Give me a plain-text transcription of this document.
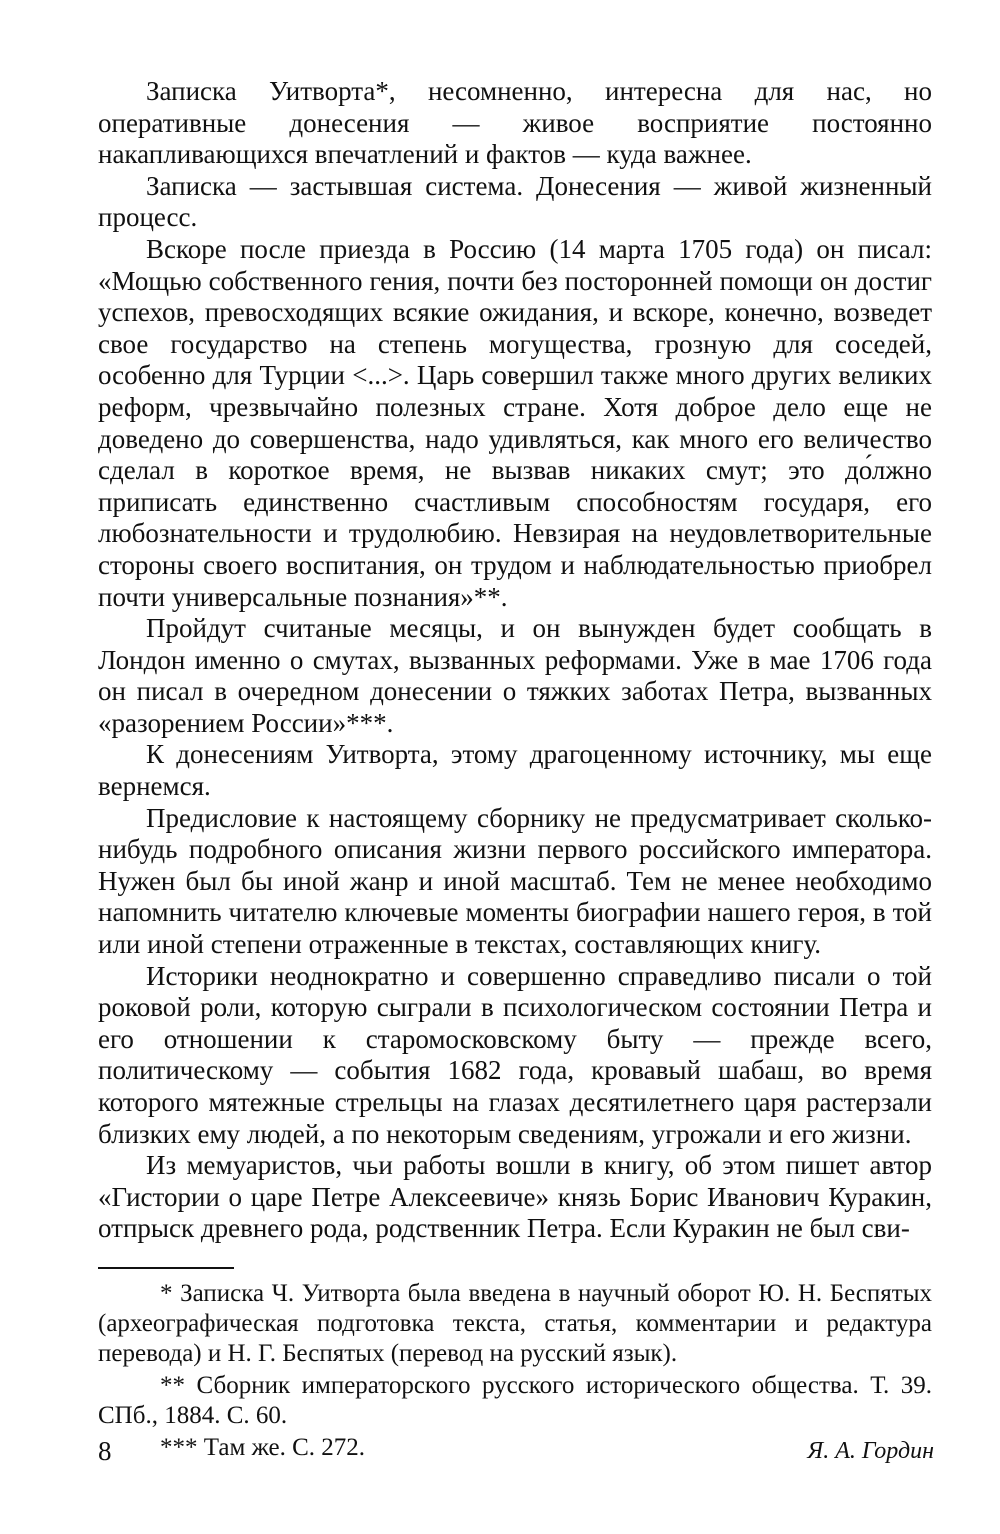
Записка Уитворта*, несомненно, интересна для нас, но оперативные донесения — живое восприятие постоянно накапливающихся впечатлений и фактов — куда важнее.

Записка — застывшая система. Донесения — живой жизненный процесс.

Вскоре после приезда в Россию (14 марта 1705 года) он писал: «Мощью собственного гения, почти без посторонней помощи он достиг успехов, превосходящих всякие ожидания, и вскоре, конечно, возведет свое государство на степень могущества, грозную для соседей, особенно для Турции <...>. Царь совершил также много других великих реформ, чрезвычайно полезных стране. Хотя доброе дело еще не доведено до совершенства, надо удивляться, как много его величество сделал в короткое время, не вызвав никаких смут; это до́лжно приписать единственно счастливым способностям государя, его любознательности и трудолюбию. Невзирая на неудовлетворительные стороны своего воспитания, он трудом и наблюдательностью приобрел почти универсальные познания»**.

Пройдут считаные месяцы, и он вынужден будет сообщать в Лондон именно о смутах, вызванных реформами. Уже в мае 1706 года он писал в очередном донесении о тяжких заботах Петра, вызванных «разорением России»***.

К донесениям Уитворта, этому драгоценному источнику, мы еще вернемся.

Предисловие к настоящему сборнику не предусматривает сколько-нибудь подробного описания жизни первого российского императора. Нужен был бы иной жанр и иной масштаб. Тем не менее необходимо напомнить читателю ключевые моменты биографии нашего героя, в той или иной степени отраженные в текстах, составляющих книгу.

Историки неоднократно и совершенно справедливо писали о той роковой роли, которую сыграли в психологическом состоянии Петра и его отношении к старомосковскому быту — прежде всего, политическому — события 1682 года, кровавый шабаш, во время которого мятежные стрельцы на глазах десятилетнего царя растерзали близких ему людей, а по некоторым сведениям, угрожали и его жизни.

Из мемуаристов, чьи работы вошли в книгу, об этом пишет автор «Гистории о царе Петре Алексеевиче» князь Борис Иванович Куракин, отпрыск древнего рода, родственник Петра. Если Куракин не был сви-

* Записка Ч. Уитворта была введена в научный оборот Ю. Н. Беспятых (археографическая подготовка текста, статья, комментарии и редактура перевода) и Н. Г. Беспятых (перевод на русский язык).

** Сборник императорского русского исторического общества. Т. 39. СПб., 1884. С. 60.

*** Там же. С. 272.

8	Я. А. Гордин
